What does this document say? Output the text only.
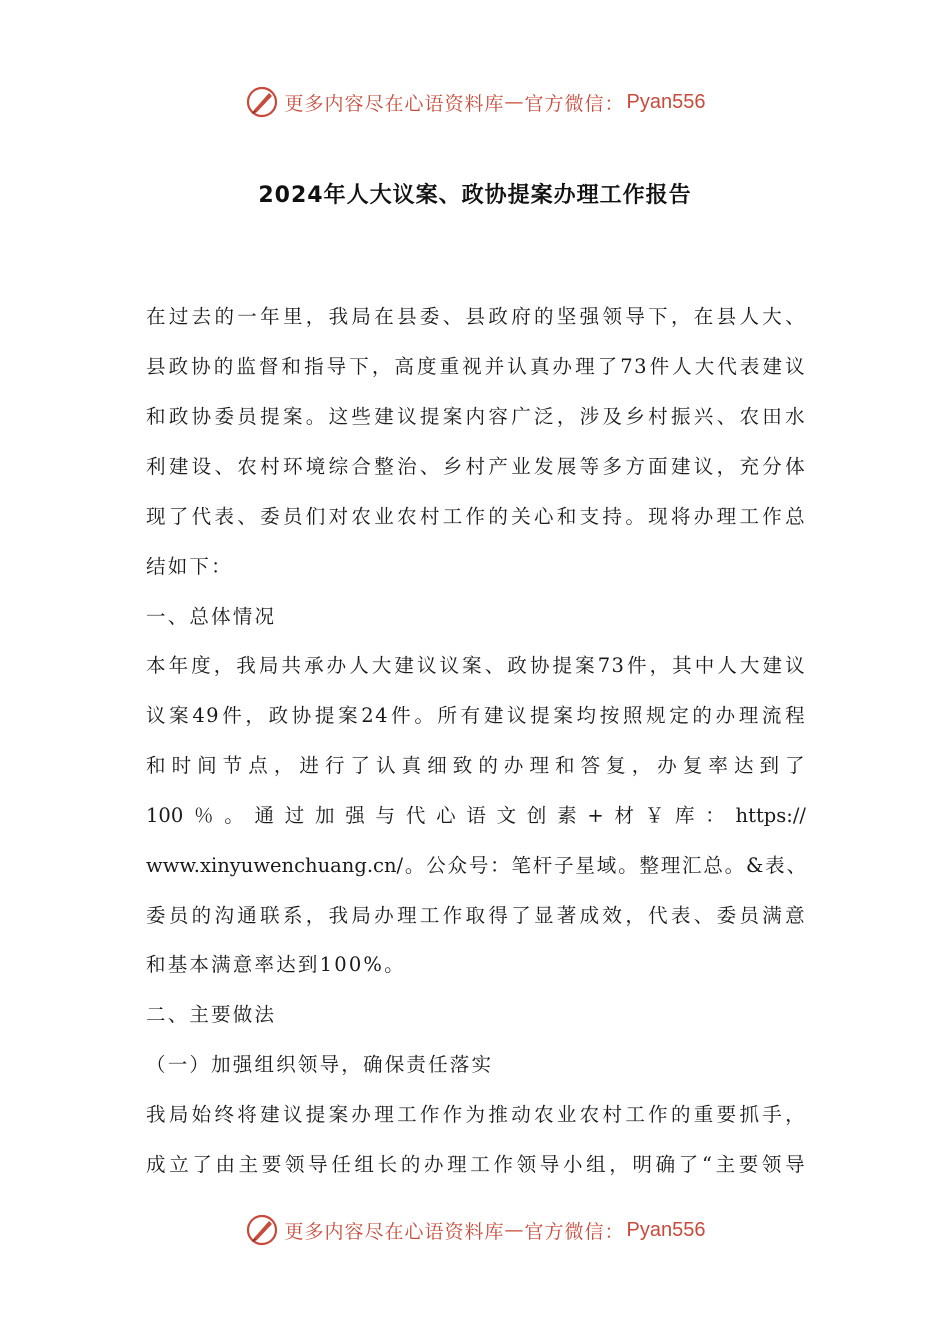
更多内容尽在心语资料库 — 官方微信： Pyan556
2024年人大议案、政协提案办理工作报告
在过去的一年里，我局在县委、县政府的坚强领导下，在县人大、
县政协的监督和指导下，高度重视并认真办理了73件人大代表建议
和政协委员提案。这些建议提案内容广泛，涉及乡村振兴、农田水
利建设、农村环境综合整治、乡村产业发展等多方面建议，充分体
现了代表、委员们对农业农村工作的关心和支持。现将办理工作总
结如下：
一、总体情况
本年度，我局共承办人大建议议案、政协提案73件，其中人大建议
议案49件，政协提案24件。所有建议提案均按照规定的办理流程
和时间节点，进行了认真细致的办理和答复，办复率达到了
100％。通过加强与代心语文创素+材￥库：https://
www.xinyuwenchuang.cn/。公众号：笔杆子星域。整理汇总。&表、
委员的沟通联系，我局办理工作取得了显著成效，代表、委员满意
和基本满意率达到100%。
二、主要做法
（一）加强组织领导，确保责任落实
我局始终将建议提案办理工作作为推动农业农村工作的重要抓手，
成立了由主要领导任组长的办理工作领导小组，明确了“主要领导
更多内容尽在心语资料库 — 官方微信： Pyan556
